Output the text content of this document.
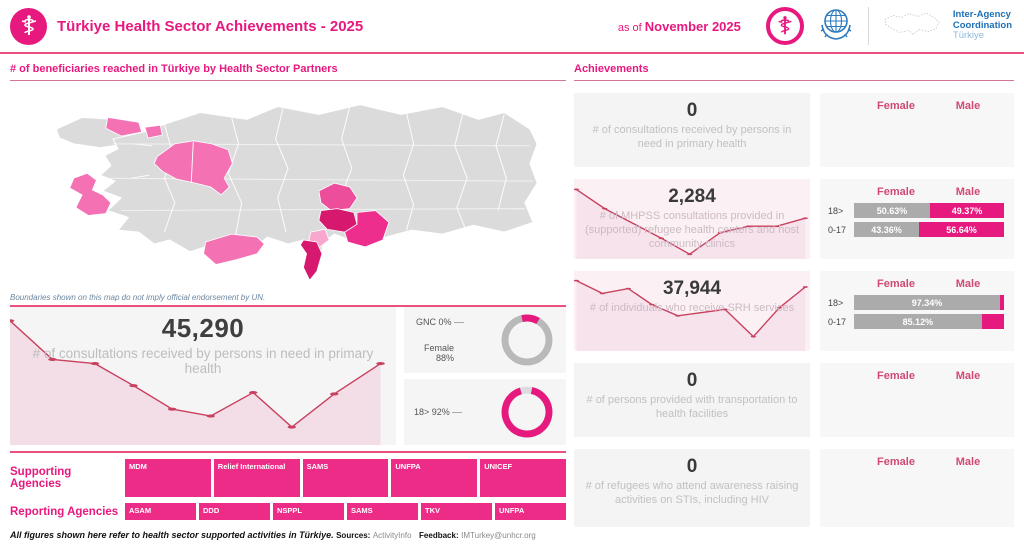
Türkiye Health Sector Achievements - 2025	as of November 2025
Inter-Agency
Coordination
Türkiye
# of beneficiaries reached in Türkiye by Health Sector Partners
Boundaries shown on this map do not imply official endorsement by UN.
45,290
# of consultations received by persons in need in primary health
GNC 0%
Female
88%
18> 92%
Supporting Agencies
MDM	Relief International	SAMS	UNFPA	UNICEF
Reporting Agencies	ASAM	DDD	NSPPL	SAMS	TKV	UNFPA
All figures shown here refer to health sector supported activities in Türkiye. Sources: ActivityInfo Feedback: IMTurkey@unhcr.org
Achievements
0
# of consultations received by persons in need in primary health
Female	Male
2,284
# of MHPSS consultations provided in (supported) refugee health centers and host community clinics
Female	Male
18>	50.63%	49.37%
0-17	43.36%	56.64%
37,944
# of individuals who receive SRH services
Female	Male
18>	97.34%
0-17	85.12%
0
# of persons provided with transportation to health facilities
Female	Male
0
# of refugees who attend awareness raising activities on STIs, including HIV
Female	Male
